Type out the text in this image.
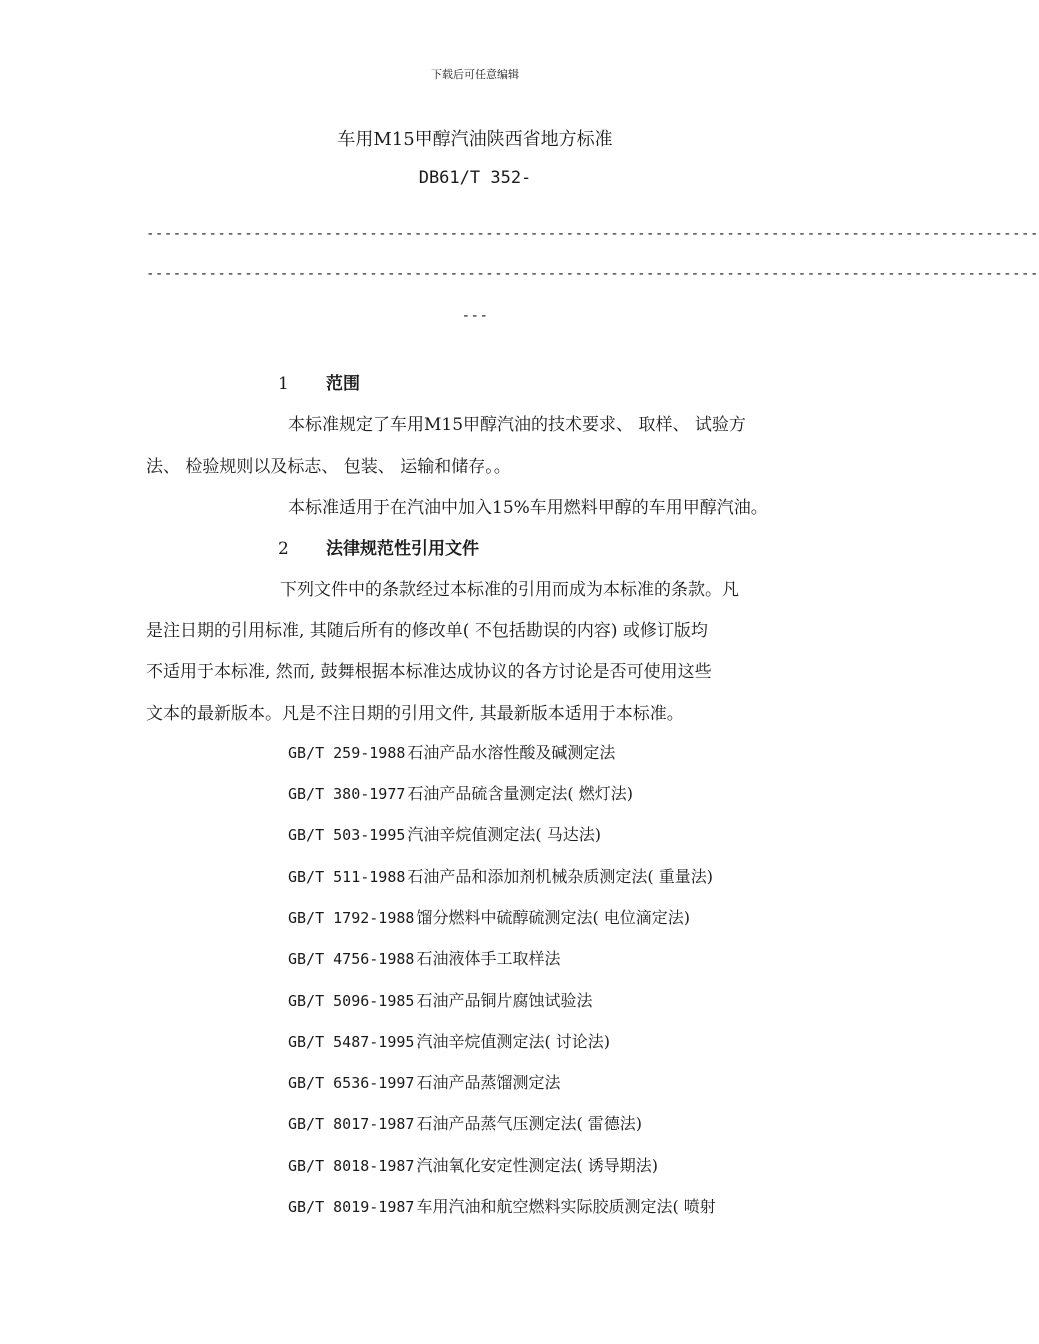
下载后可任意编辑
车用M15甲醇汽油陕西省地方标准
DB61/T 352-
----------------------------------------------------------------------------------------------------
----------------------------------------------------------------------------------------------------
---
1 范围
本标准规定了车用M15甲醇汽油的技术要求、 取样、 试验方
法、 检验规则以及标志、 包装、 运输和储存。。
本标准适用于在汽油中加入15%车用燃料甲醇的车用甲醇汽油。
2 法律规范性引用文件
下列文件中的条款经过本标准的引用而成为本标准的条款。凡
是注日期的引用标准, 其随后所有的修改单( 不包括勘误的内容) 或修订版均
不适用于本标准, 然而, 鼓舞根据本标准达成协议的各方讨论是否可使用这些
文本的最新版本。凡是不注日期的引用文件, 其最新版本适用于本标准。
GB/T 259-1988 石油产品水溶性酸及碱测定法
GB/T 380-1977 石油产品硫含量测定法( 燃灯法)
GB/T 503-1995 汽油辛烷值测定法( 马达法)
GB/T 511-1988 石油产品和添加剂机械杂质测定法( 重量法)
GB/T 1792-1988 馏分燃料中硫醇硫测定法( 电位滴定法)
GB/T 4756-1988 石油液体手工取样法
GB/T 5096-1985 石油产品铜片腐蚀试验法
GB/T 5487-1995 汽油辛烷值测定法( 讨论法)
GB/T 6536-1997 石油产品蒸馏测定法
GB/T 8017-1987 石油产品蒸气压测定法( 雷德法)
GB/T 8018-1987 汽油氧化安定性测定法( 诱导期法)
GB/T 8019-1987 车用汽油和航空燃料实际胶质测定法( 喷射
